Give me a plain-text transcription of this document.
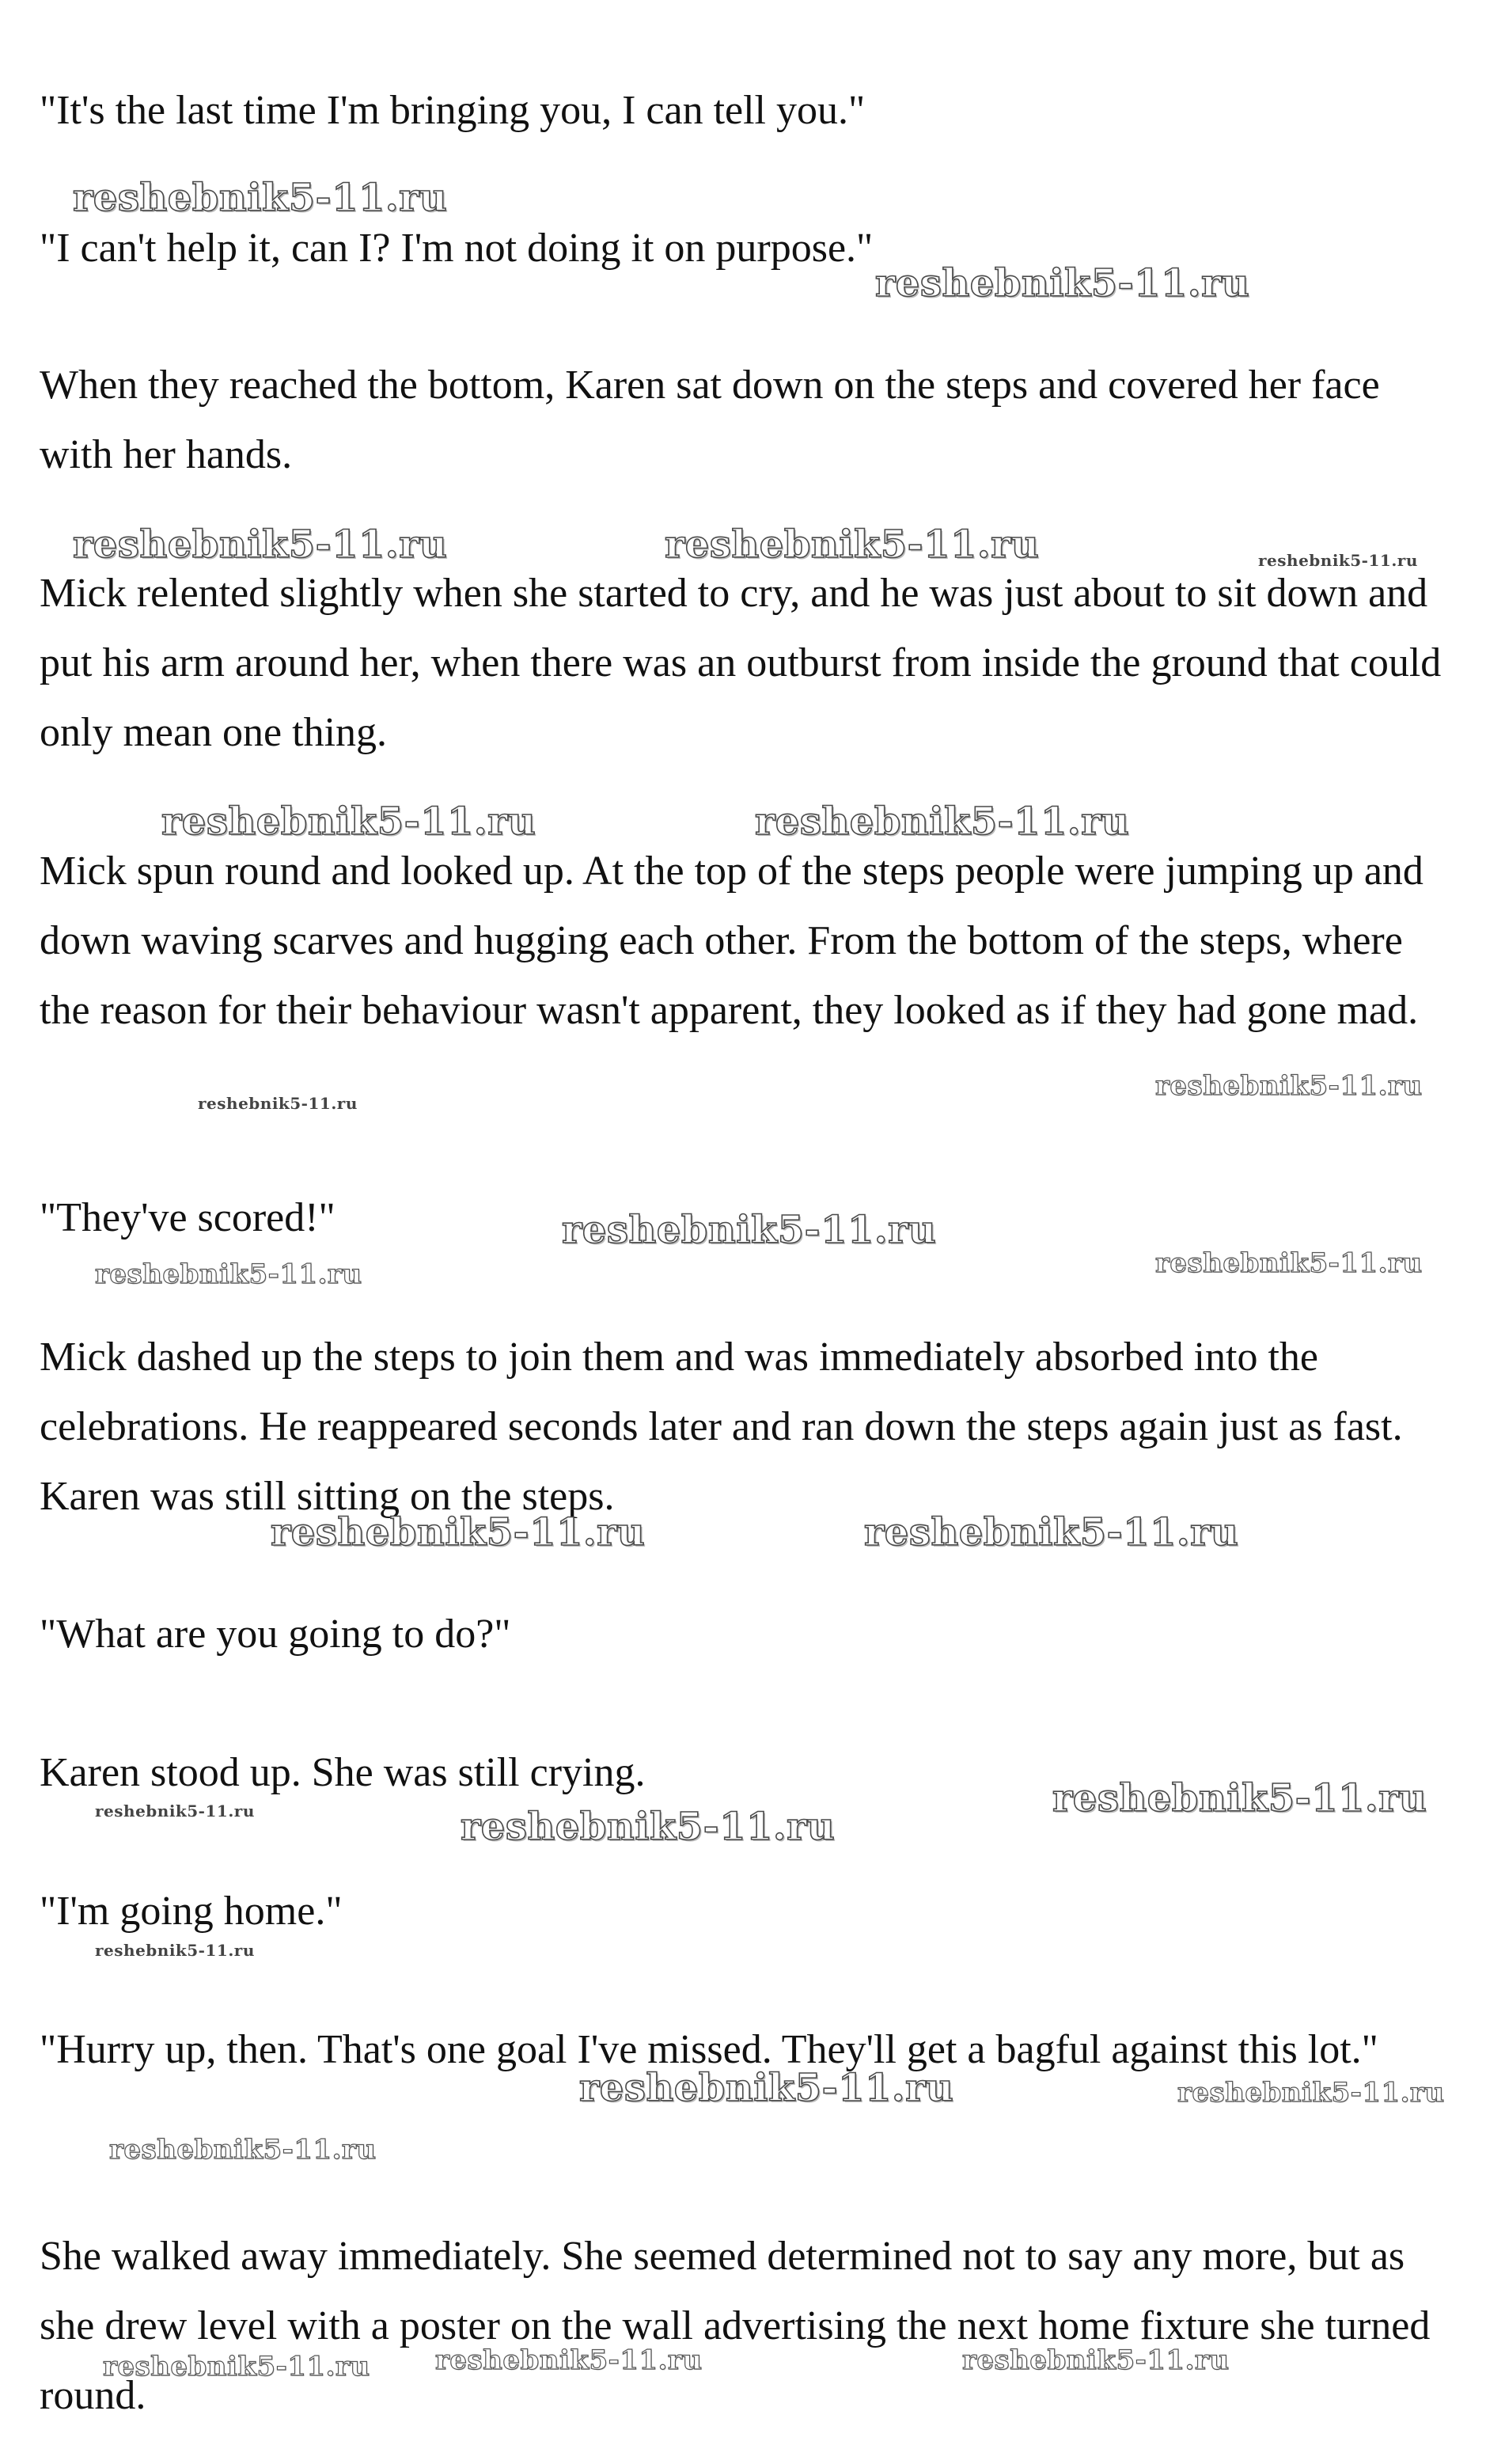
"It's the last time I'm bringing you, I can tell you."

"I can't help it, can I? I'm not doing it on purpose."

When they reached the bottom, Karen sat down on the steps and covered her face with her hands.

Mick relented slightly when she started to cry, and he was just about to sit down and put his arm around her, when there was an outburst from inside the ground that could only mean one thing.

Mick spun round and looked up. At the top of the steps people were jumping up and down waving scarves and hugging each other. From the bottom of the steps, where the reason for their behaviour wasn't apparent, they looked as if they had gone mad.

"They've scored!"

Mick dashed up the steps to join them and was immediately absorbed into the celebrations. He reappeared seconds later and ran down the steps again just as fast. Karen was still sitting on the steps.

"What are you going to do?"

Karen stood up. She was still crying.

"I'm going home."

"Hurry up, then. That's one goal I've missed. They'll get a bagful against this lot."

She walked away immediately. She seemed determined not to say any more, but as she drew level with a poster on the wall advertising the next home fixture she turned round.

reshebnik5-11.ru
reshebnik5-11.ru
reshebnik5-11.ru	reshebnik5-11.ru	reshebnik5-11.ru
reshebnik5-11.ru	reshebnik5-11.ru
reshebnik5-11.ru
reshebnik5-11.ru
reshebnik5-11.ru
reshebnik5-11.ru	reshebnik5-11.ru
reshebnik5-11.ru	reshebnik5-11.ru
reshebnik5-11.ru	reshebnik5-11.ru
reshebnik5-11.ru
reshebnik5-11.ru
reshebnik5-11.ru	reshebnik5-11.ru
reshebnik5-11.ru
reshebnik5-11.ru reshebnik5-11.ru	reshebnik5-11.ru
